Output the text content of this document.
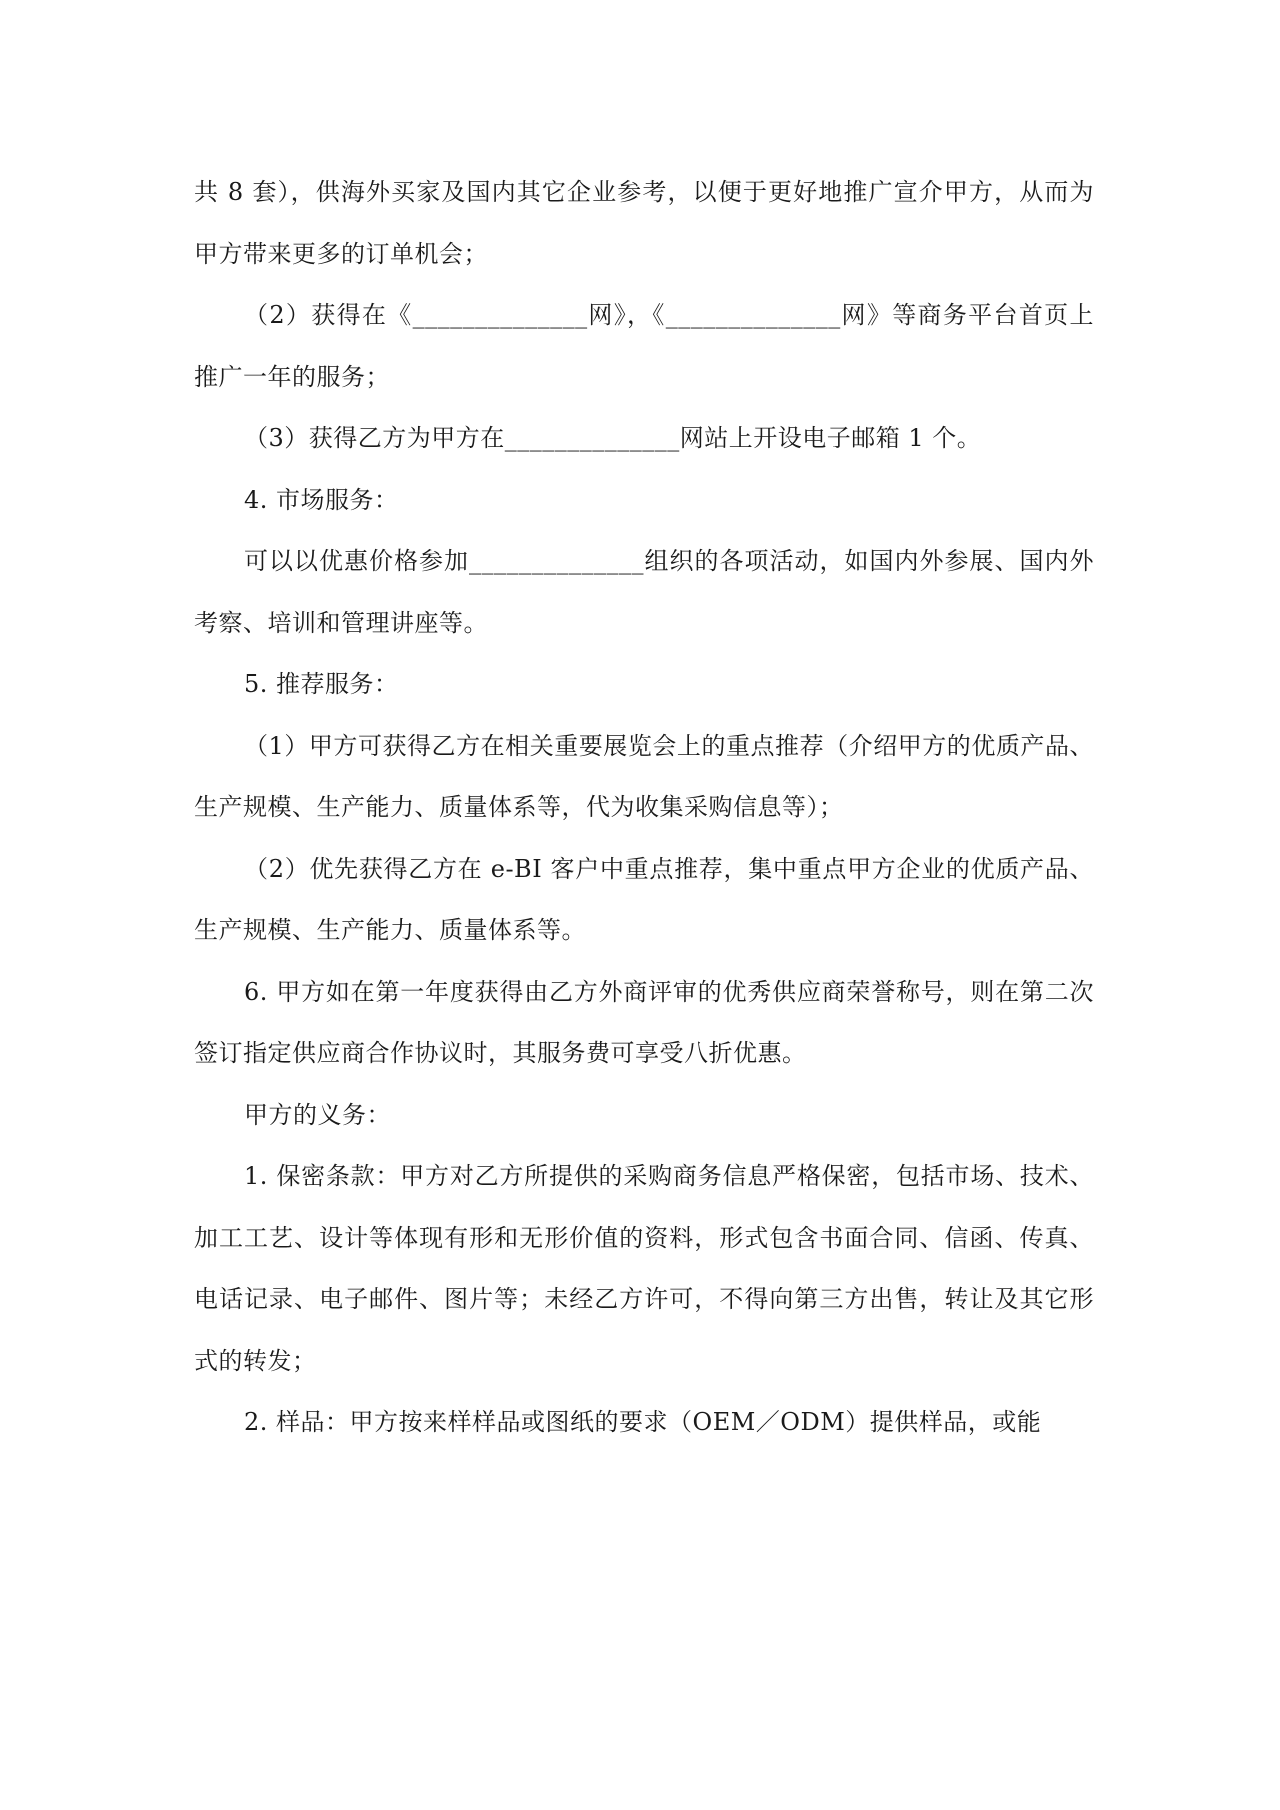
共 8 套），供海外买家及国内其它企业参考，以便于更好地推广宣介甲方，从而为甲方带来更多的订单机会；

（2）获得在《______________网》，《______________网》等商务平台首页上推广一年的服务；

（3）获得乙方为甲方在______________网站上开设电子邮箱 1 个。

4. 市场服务：

可以以优惠价格参加______________组织的各项活动，如国内外参展、国内外考察、培训和管理讲座等。

5. 推荐服务：

（1）甲方可获得乙方在相关重要展览会上的重点推荐（介绍甲方的优质产品、生产规模、生产能力、质量体系等，代为收集采购信息等）；

（2）优先获得乙方在 e-BI 客户中重点推荐，集中重点甲方企业的优质产品、生产规模、生产能力、质量体系等。

6. 甲方如在第一年度获得由乙方外商评审的优秀供应商荣誉称号，则在第二次签订指定供应商合作协议时，其服务费可享受八折优惠。

甲方的义务：

1. 保密条款：甲方对乙方所提供的采购商务信息严格保密，包括市场、技术、加工工艺、设计等体现有形和无形价值的资料，形式包含书面合同、信函、传真、电话记录、电子邮件、图片等；未经乙方许可，不得向第三方出售，转让及其它形式的转发；

2. 样品：甲方按来样样品或图纸的要求（OEM／ODM）提供样品，或能
